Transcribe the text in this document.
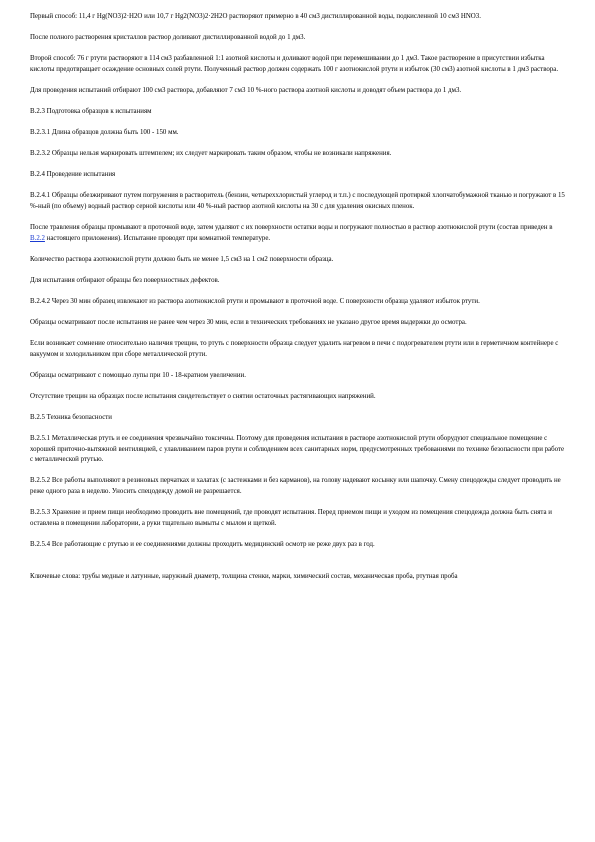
Первый способ: 11,4 г Hg(NO3)2·H2O или 10,7 г Hg2(NO3)2·2H2O растворяют примерно в 40 см3 дистиллированной воды, подкисленной 10 см3 HNO3.

После полного растворения кристаллов раствор доливают дистиллированной водой до 1 дм3.

Второй способ: 76 г ртути растворяют в 114 см3 разбавленной 1:1 азотной кислоты и доливают водой при перемешивании до 1 дм3. Такое растворение в присутствии избытка кислоты предотвращает осаждение основных солей ртути. Полученный раствор должен содержать 100 г азотнокислой ртути и избыток (30 см3) азотной кислоты в 1 дм3 раствора.

Для проведения испытаний отбирают 100 см3 раствора, добавляют 7 см3 10 %-ного раствора азотной кислоты и доводят объем раствора до 1 дм3.

В.2.3 Подготовка образцов к испытаниям

В.2.3.1 Длина образцов должна быть 100 - 150 мм.

В.2.3.2 Образцы нельзя маркировать штемпелем; их следует маркировать таким образом, чтобы не возникали напряжения.

В.2.4 Проведение испытания

В.2.4.1 Образцы обезжиривают путем погружения в растворитель (бензин, четыреххлористый углерод и т.п.) с последующей протиркой хлопчатобумажной тканью и погружают в 15 %-ный (по объему) водный раствор серной кислоты или 40 %-ный раствор азотной кислоты на 30 с для удаления окисных пленок.

После травления образцы промывают в проточной воде, затем удаляют с их поверхности остатки воды и погружают полностью в раствор азотнокислой ртути (состав приведен в В.2.2 настоящего приложения). Испытание проводят при комнатной температуре.

Количество раствора азотнокислой ртути должно быть не менее 1,5 см3 на 1 см2 поверхности образца.

Для испытания отбирают образцы без поверхностных дефектов.

В.2.4.2 Через 30 мин образец извлекают из раствора азотнокислой ртути и промывают в проточной воде. С поверхности образца удаляют избыток ртути.

Образцы осматривают после испытания не ранее чем через 30 мин, если в технических требованиях не указано другое время выдержки до осмотра.

Если возникает сомнение относительно наличия трещин, то ртуть с поверхности образца следует удалить нагревом в печи с подогревателем ртути или в герметичном контейнере с вакуумом и холодильником при сборе металлической ртути.

Образцы осматривают с помощью лупы при 10 - 18-кратном увеличении.

Отсутствие трещин на образцах после испытания свидетельствует о снятии остаточных растягивающих напряжений.

В.2.5 Техника безопасности

В.2.5.1 Металлическая ртуть и ее соединения чрезвычайно токсичны. Поэтому для проведения испытания в растворе азотнокислой ртути оборудуют специальное помещение с хорошей приточно-вытяжной вентиляцией, с улавливанием паров ртути и соблюдением всех санитарных норм, предусмотренных требованиями по технике безопасности при работе с металлической ртутью.

В.2.5.2 Все работы выполняют в резиновых перчатках и халатах (с застежками и без карманов), на голову надевают косынку или шапочку. Смену спецодежды следует проводить не реже одного раза в неделю. Уносить спецодежду домой не разрешается.

В.2.5.3 Хранение и прием пищи необходимо проводить вне помещений, где проводят испытания. Перед приемом пищи и уходом из помещения спецодежда должна быть снята и оставлена в помещении лаборатории, а руки тщательно вымыты с мылом и щеткой.

В.2.5.4 Все работающие с ртутью и ее соединениями должны проходить медицинский осмотр не реже двух раз в год.

Ключевые слова: трубы медные и латунные, наружный диаметр, толщина стенки, марки, химический состав, механическая проба, ртутная проба
